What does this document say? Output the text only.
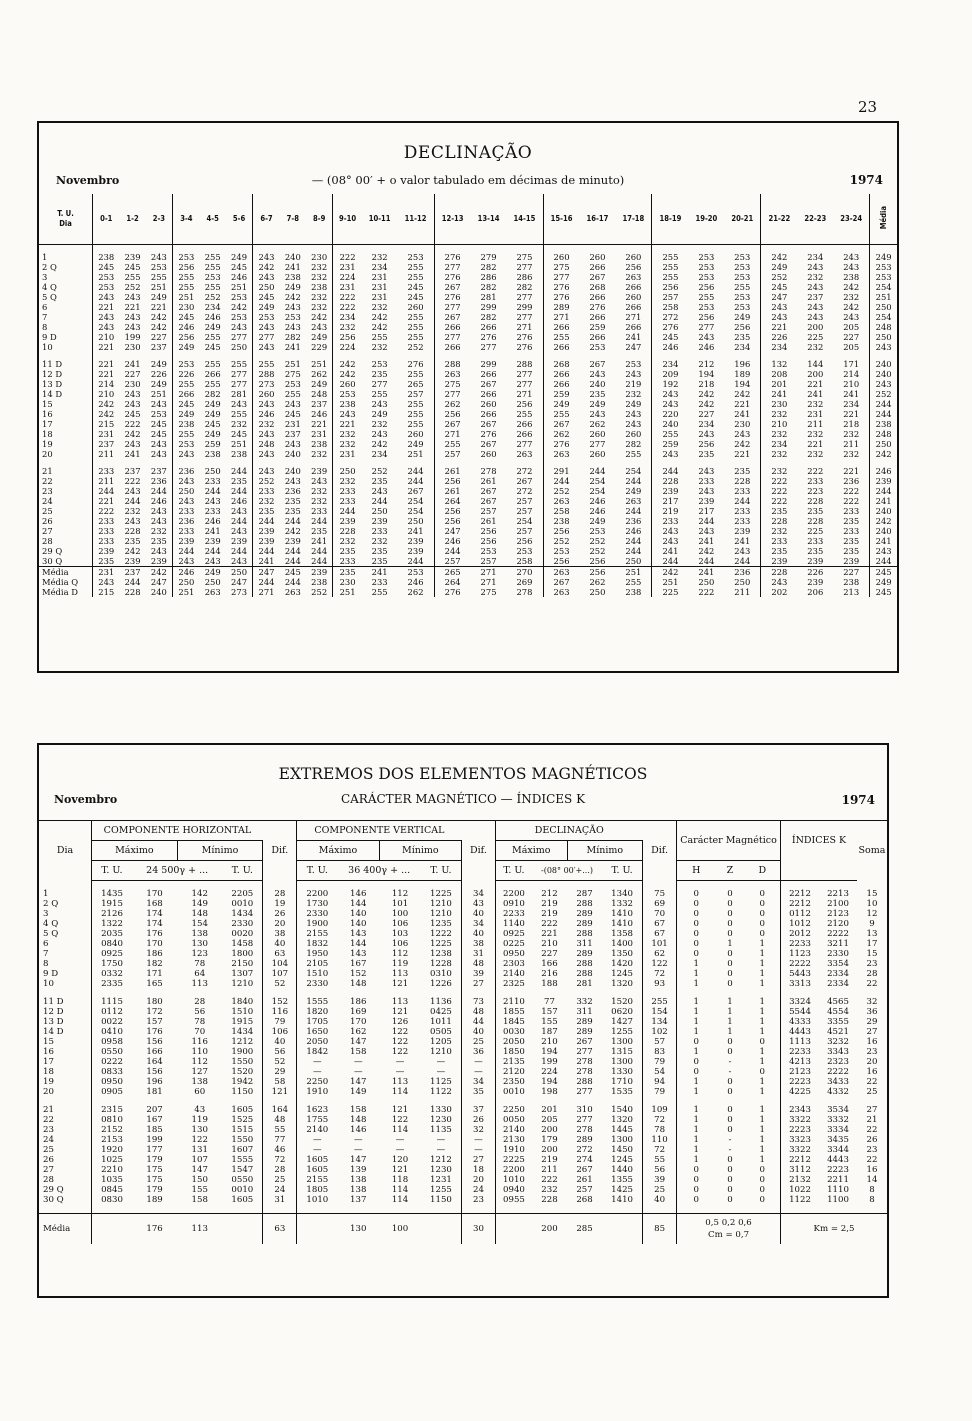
23
DECLINAÇÃO
Novembro	— (08° 00′ + o valor tabulado em décimas de minuto)	1974
T. U.
Dia	0-1	1-2	2-3	3-4	4-5	5-6	6-7	7-8	8-9	9-10	10-11	11-12	12-13	13-14	14-15	15-16	16-17	17-18	18-19	19-20	20-21	21-22	22-23	23-24	Média

1	238	239	243	253	255	249	243	240	230	222	232	253	276	279	275	260	260	260	255	253	253	242	234	243	249
2 Q	245	245	253	256	255	245	242	241	232	231	234	255	277	282	277	275	266	256	255	253	253	249	243	243	253
3	253	255	255	255	253	246	243	238	232	224	231	255	276	286	286	277	267	263	255	253	253	252	232	238	253
4 Q	253	252	251	255	255	251	250	249	238	231	231	245	267	282	282	276	268	266	256	256	255	245	243	242	254
5 Q	243	243	249	251	252	253	245	242	232	222	231	245	276	281	277	276	266	260	257	255	253	247	237	232	251
6	221	221	221	230	234	242	249	243	232	222	232	260	277	299	299	289	276	266	258	253	253	243	243	242	250
7	243	243	242	245	246	253	253	253	242	234	242	255	267	282	277	271	266	271	272	256	249	243	243	243	254
8	243	243	242	246	249	243	243	243	243	232	242	255	266	266	271	266	259	266	276	277	256	221	200	205	248
9 D	210	199	227	256	255	277	277	282	249	256	255	255	277	276	276	255	266	241	245	243	235	226	225	227	250
10	221	230	237	249	245	250	243	241	229	224	232	252	266	277	276	266	253	247	246	246	234	234	232	205	243

11 D	221	241	249	253	255	255	255	251	251	242	253	276	288	299	288	268	267	253	234	212	196	132	144	171	240
12 D	221	227	226	226	266	277	288	275	262	242	235	255	263	266	277	266	243	243	209	194	189	208	200	214	240
13 D	214	230	249	255	255	277	273	253	249	260	277	265	275	267	277	266	240	219	192	218	194	201	221	210	243
14 D	210	243	251	266	282	281	260	255	248	253	255	257	277	266	271	259	235	232	243	242	242	241	241	241	252
15	242	243	243	245	249	243	243	243	237	238	243	255	262	260	256	249	249	249	243	242	221	230	232	234	244
16	242	245	253	249	249	255	246	245	246	243	249	255	256	266	255	255	243	243	220	227	241	232	231	221	244
17	215	222	245	238	245	232	232	231	221	221	232	255	267	267	266	267	262	243	240	234	230	210	211	218	238
18	231	242	245	255	249	245	243	237	231	232	243	260	271	276	266	262	260	260	255	243	243	232	232	232	248
19	237	243	243	253	259	251	248	243	238	232	242	249	255	267	277	276	277	282	259	256	242	234	221	211	250
20	211	241	243	243	238	238	243	240	232	231	234	251	257	260	263	263	260	255	243	235	221	232	232	232	242

21	233	237	237	236	250	244	243	240	239	250	252	244	261	278	272	291	244	254	244	243	235	232	222	221	246
22	211	222	236	243	233	235	252	243	243	232	235	244	256	261	267	244	254	244	228	233	228	222	233	236	239
23	244	243	244	250	244	244	233	236	232	233	243	267	261	267	272	252	254	249	239	243	233	222	223	222	244
24	221	244	246	243	243	246	232	235	232	233	244	254	264	267	257	263	246	263	217	239	244	222	228	222	241
25	222	232	243	233	233	243	235	235	233	244	250	254	256	257	257	258	246	244	219	217	233	235	235	233	240
26	233	243	243	236	246	244	244	244	244	239	239	250	256	261	254	238	249	236	233	244	233	228	228	235	242
27	233	228	232	233	241	243	239	242	235	228	233	241	247	256	257	256	253	246	243	243	239	232	225	233	240
28	233	235	235	239	239	239	239	239	241	232	232	239	246	256	256	252	252	244	243	241	241	233	233	235	241
29 Q	239	242	243	244	244	244	244	244	244	235	235	239	244	253	253	253	252	244	241	242	243	235	235	235	243
30 Q	235	239	239	243	243	243	241	244	244	233	235	244	257	257	258	256	256	250	244	244	244	239	239	239	244
Média	231	237	242	246	249	250	247	245	239	235	241	253	265	271	270	263	256	251	242	241	236	228	226	227	245
Média Q	243	244	247	250	250	247	244	244	238	230	233	246	264	271	269	267	262	255	251	250	250	243	239	238	249
Média D	215	228	240	251	263	273	271	263	252	251	255	262	276	275	278	263	250	238	225	222	211	202	206	213	245
EXTREMOS DOS ELEMENTOS MAGNÉTICOS
Novembro	CARÁCTER MAGNÉTICO — ÍNDICES K	1974
Dia	COMPONENTE HORIZONTAL				Dif.	COMPONENTE VERTICAL				Dif.	DECLINAÇÃO				Dif.	Carácter Magnético			ÍNDICES K		Soma
	Máximo		Mínimo			Máximo		Mínimo			Máximo		Mínimo								
	T. U.	24 500γ + ...		T. U.		T. U.	36 400γ + ...		T. U.		T. U.	-(08° 00′+...)		T. U.		H	Z	D			

1	1435	170	142	2205	28	2200	146	112	1225	34	2200	212	287	1340	75	0	0	0	2212	2213	15
2 Q	1915	168	149	0010	19	1730	144	101	1210	43	0910	219	288	1332	69	0	0	0	2212	2100	10
3	2126	174	148	1434	26	2330	140	100	1210	40	2233	219	289	1410	70	0	0	0	0112	2123	12
4 Q	1322	174	154	2330	20	1900	140	106	1235	34	1140	222	289	1410	67	0	0	0	1012	2120	9
5 Q	2035	176	138	0020	38	2155	143	103	1222	40	0925	221	288	1358	67	0	0	0	2012	2222	13
6	0840	170	130	1458	40	1832	144	106	1225	38	0225	210	311	1400	101	0	1	1	2233	3211	17
7	0925	186	123	1800	63	1950	143	112	1238	31	0950	227	289	1350	62	0	0	1	1123	2330	15
8	1750	182	78	2150	104	2105	167	119	1228	48	2303	166	288	1420	122	1	0	1	2222	3354	23
9 D	0332	171	64	1307	107	1510	152	113	0310	39	2140	216	288	1245	72	1	0	1	5443	2334	28
10	2335	165	113	1210	52	2330	148	121	1226	27	2325	188	281	1320	93	1	0	1	3313	2334	22

11 D	1115	180	28	1840	152	1555	186	113	1136	73	2110	77	332	1520	255	1	1	1	3324	4565	32
12 D	0112	172	56	1510	116	1820	169	121	0425	48	1855	157	311	0620	154	1	1	1	5544	4554	36
13 D	0022	157	78	1915	79	1705	170	126	1011	44	1845	155	289	1427	134	1	1	1	4333	3355	29
14 D	0410	176	70	1434	106	1650	162	122	0505	40	0030	187	289	1255	102	1	1	1	4443	4521	27
15	0958	156	116	1212	40	2050	147	122	1205	25	2050	210	267	1300	57	0	0	0	1113	3232	16
16	0550	166	110	1900	56	1842	158	122	1210	36	1850	194	277	1315	83	1	0	1	2233	3343	23
17	0222	164	112	1550	52	—	—	—	—	—	2135	199	278	1300	79	0	-	1	4213	2323	20
18	0833	156	127	1520	29	—	—	—	—	—	2120	224	278	1330	54	0	-	0	2123	2222	16
19	0950	196	138	1942	58	2250	147	113	1125	34	2350	194	288	1710	94	1	0	1	2223	3433	22
20	0905	181	60	1150	121	1910	149	114	1122	35	0010	198	277	1535	79	1	0	1	4225	4332	25

21	2315	207	43	1605	164	1623	158	121	1330	37	2250	201	310	1540	109	1	0	1	2343	3534	27
22	0810	167	119	1525	48	1755	148	122	1230	26	0050	205	277	1320	72	1	0	1	3322	3332	21
23	2152	185	130	1515	55	2140	146	114	1135	32	2140	200	278	1445	78	1	0	1	2223	3334	22
24	2153	199	122	1550	77	—	—	—	—	—	2130	179	289	1300	110	1	-	1	3323	3435	26
25	1920	177	131	1607	46	—	—	—	—	—	1910	200	272	1450	72	1	-	1	3322	3344	23
26	1025	179	107	1555	72	1605	147	120	1212	27	2225	219	274	1245	55	1	0	1	2212	4443	22
27	2210	175	147	1547	28	1605	139	121	1230	18	2200	211	267	1440	56	0	0	0	3112	2223	16
28	1035	175	150	0550	25	2155	138	118	1231	20	1010	222	261	1355	39	0	0	0	2132	2211	14
29 Q	0845	179	155	0010	24	1805	138	114	1255	24	0940	232	257	1425	25	0	0	0	1022	1110	8
30 Q	0830	189	158	1605	31	1010	137	114	1150	23	0955	228	268	1410	40	0	0	0	1122	1100	8

Média		176	113		63		130	100		30		200	285		85	0,5 0,2 0,6
Cm = 0,7			Km = 2,5		
